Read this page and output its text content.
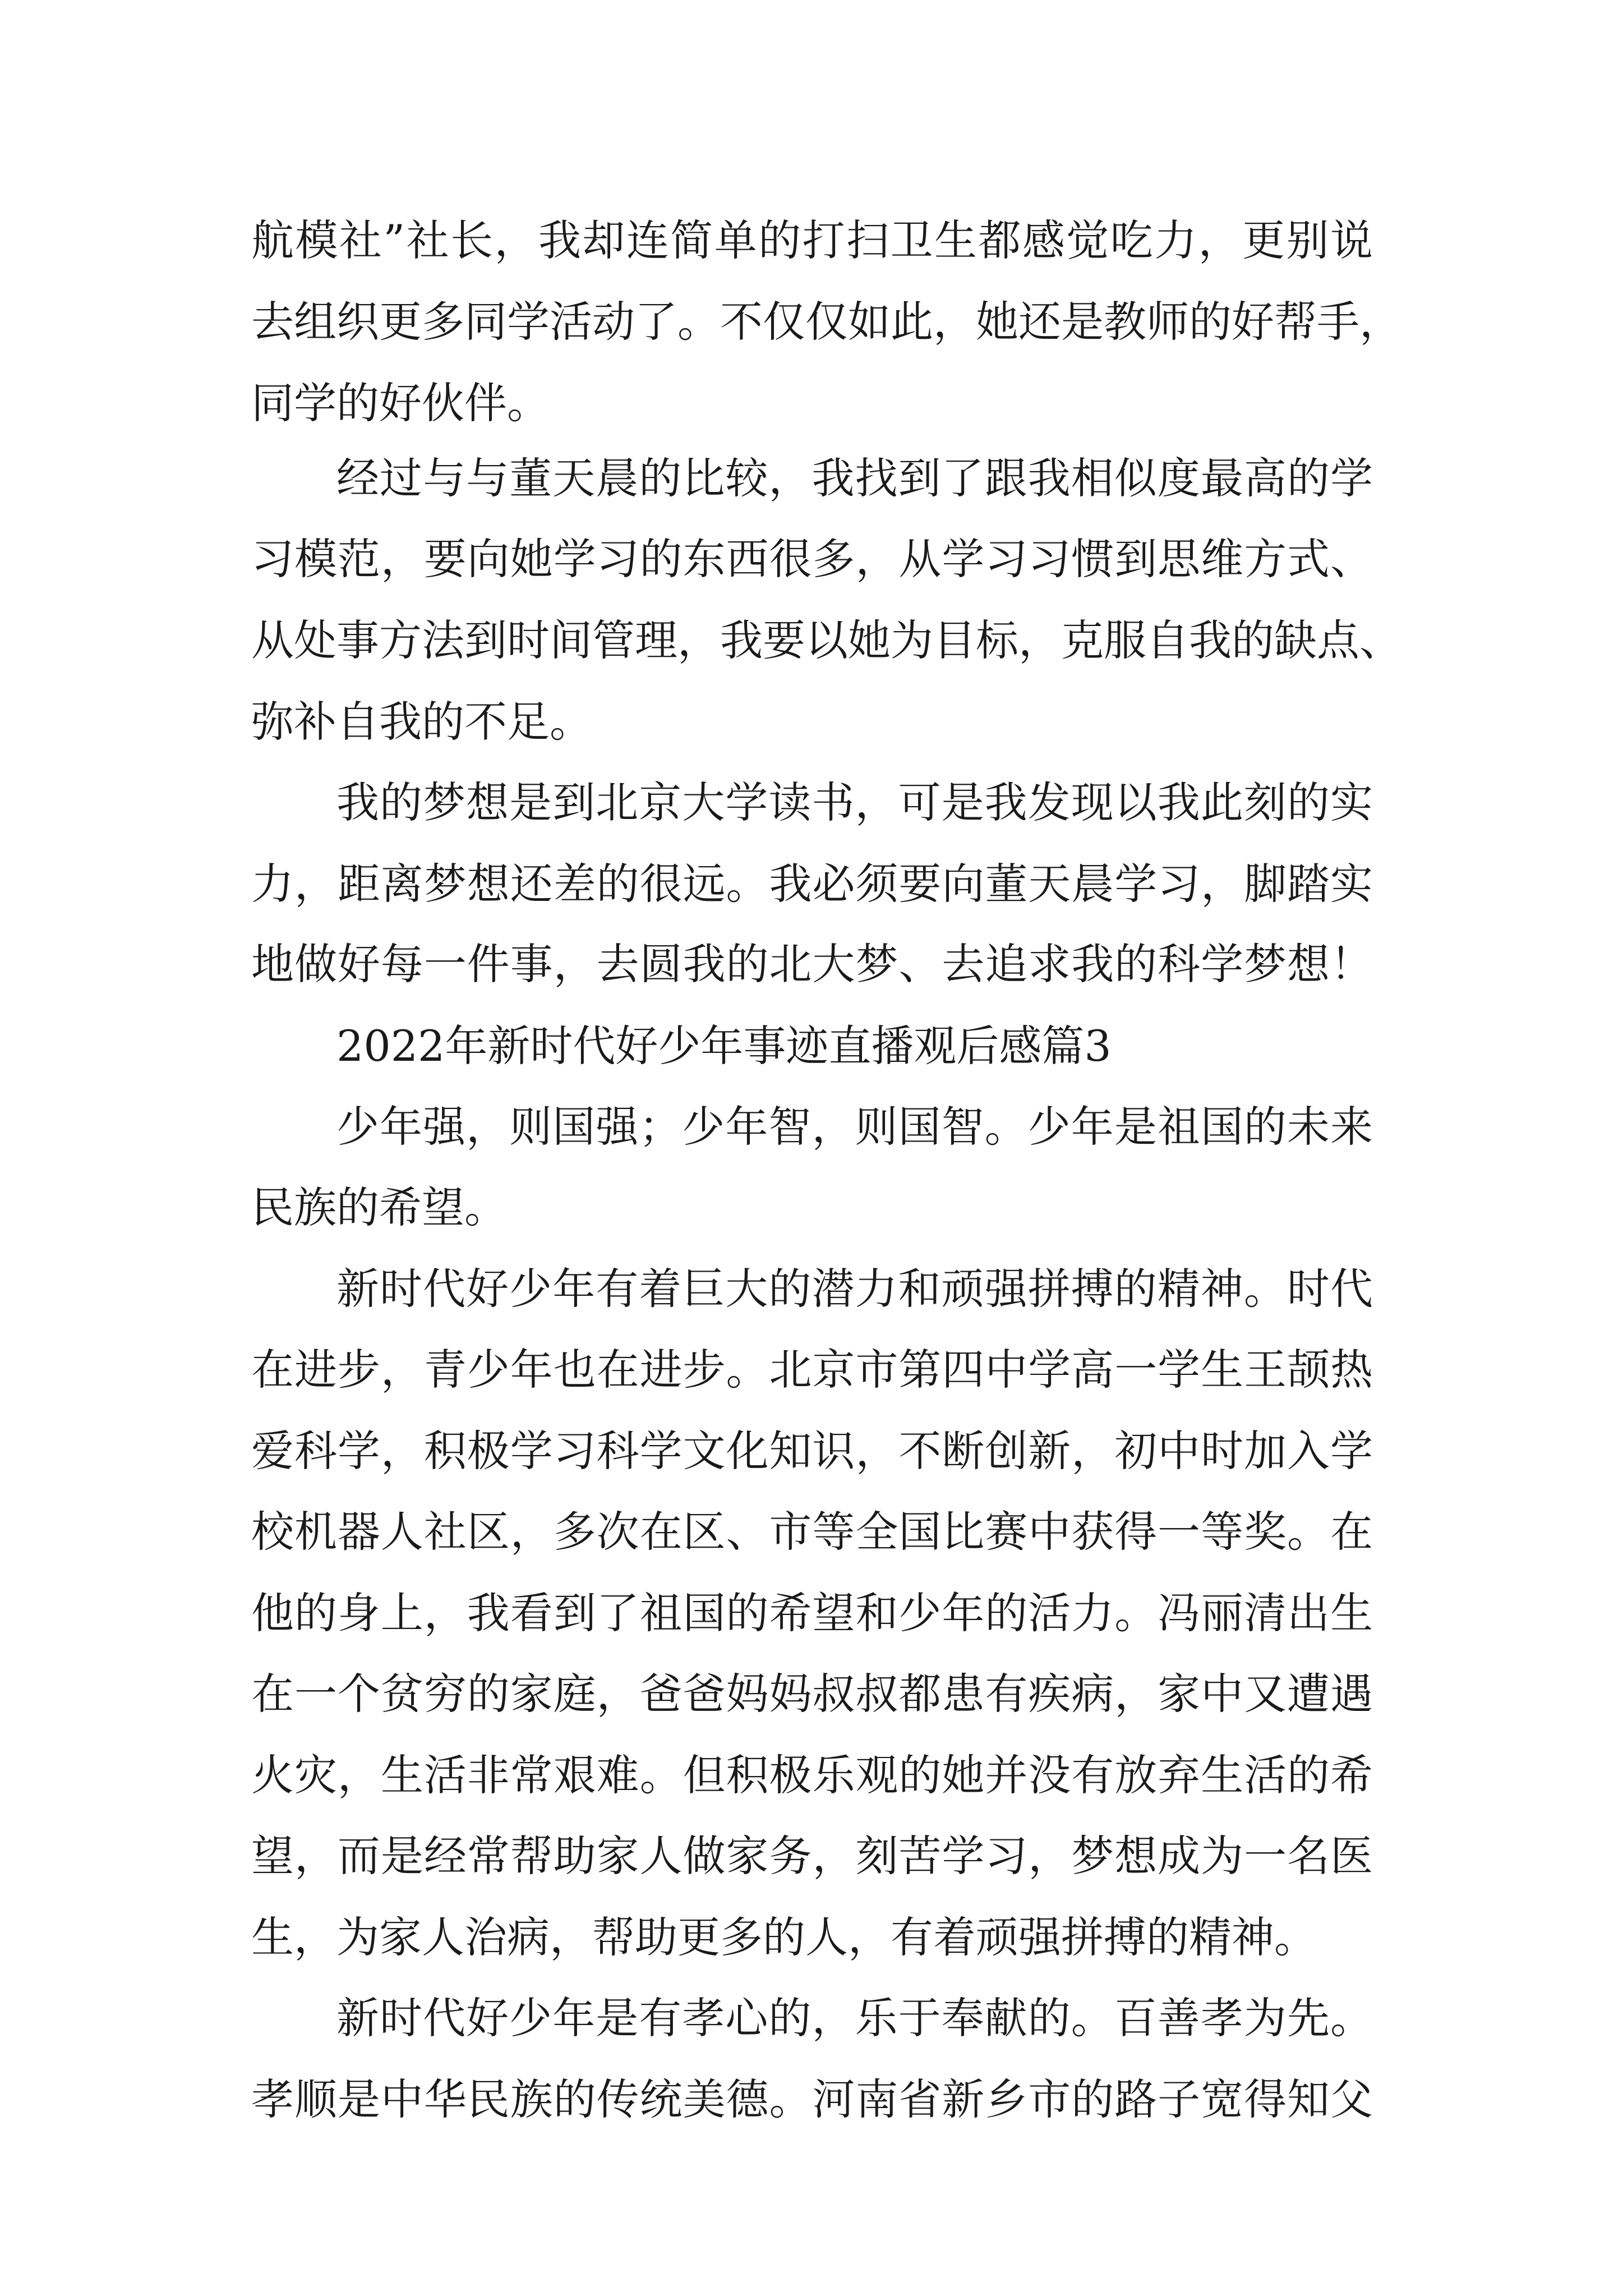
航模社”社长，我却连简单的打扫卫生都感觉吃力，更别说
去组织更多同学活动了。不仅仅如此，她还是教师的好帮手，
同学的好伙伴。
经过与与董天晨的比较，我找到了跟我相似度最高的学
习模范，要向她学习的东西很多，从学习习惯到思维方式、
从处事方法到时间管理，我要以她为目标，克服自我的缺点、
弥补自我的不足。
我的梦想是到北京大学读书，可是我发现以我此刻的实
力，距离梦想还差的很远。我必须要向董天晨学习，脚踏实
地做好每一件事，去圆我的北大梦、去追求我的科学梦想！
2022年新时代好少年事迹直播观后感篇3
少年强，则国强；少年智，则国智。少年是祖国的未来
民族的希望。
新时代好少年有着巨大的潜力和顽强拼搏的精神。时代
在进步，青少年也在进步。北京市第四中学高一学生王颉热
爱科学，积极学习科学文化知识，不断创新，初中时加入学
校机器人社区，多次在区、市等全国比赛中获得一等奖。在
他的身上，我看到了祖国的希望和少年的活力。冯丽清出生
在一个贫穷的家庭，爸爸妈妈叔叔都患有疾病，家中又遭遇
火灾，生活非常艰难。但积极乐观的她并没有放弃生活的希
望，而是经常帮助家人做家务，刻苦学习，梦想成为一名医
生，为家人治病，帮助更多的人，有着顽强拼搏的精神。
新时代好少年是有孝心的，乐于奉献的。百善孝为先。
孝顺是中华民族的传统美德。河南省新乡市的路子宽得知父
